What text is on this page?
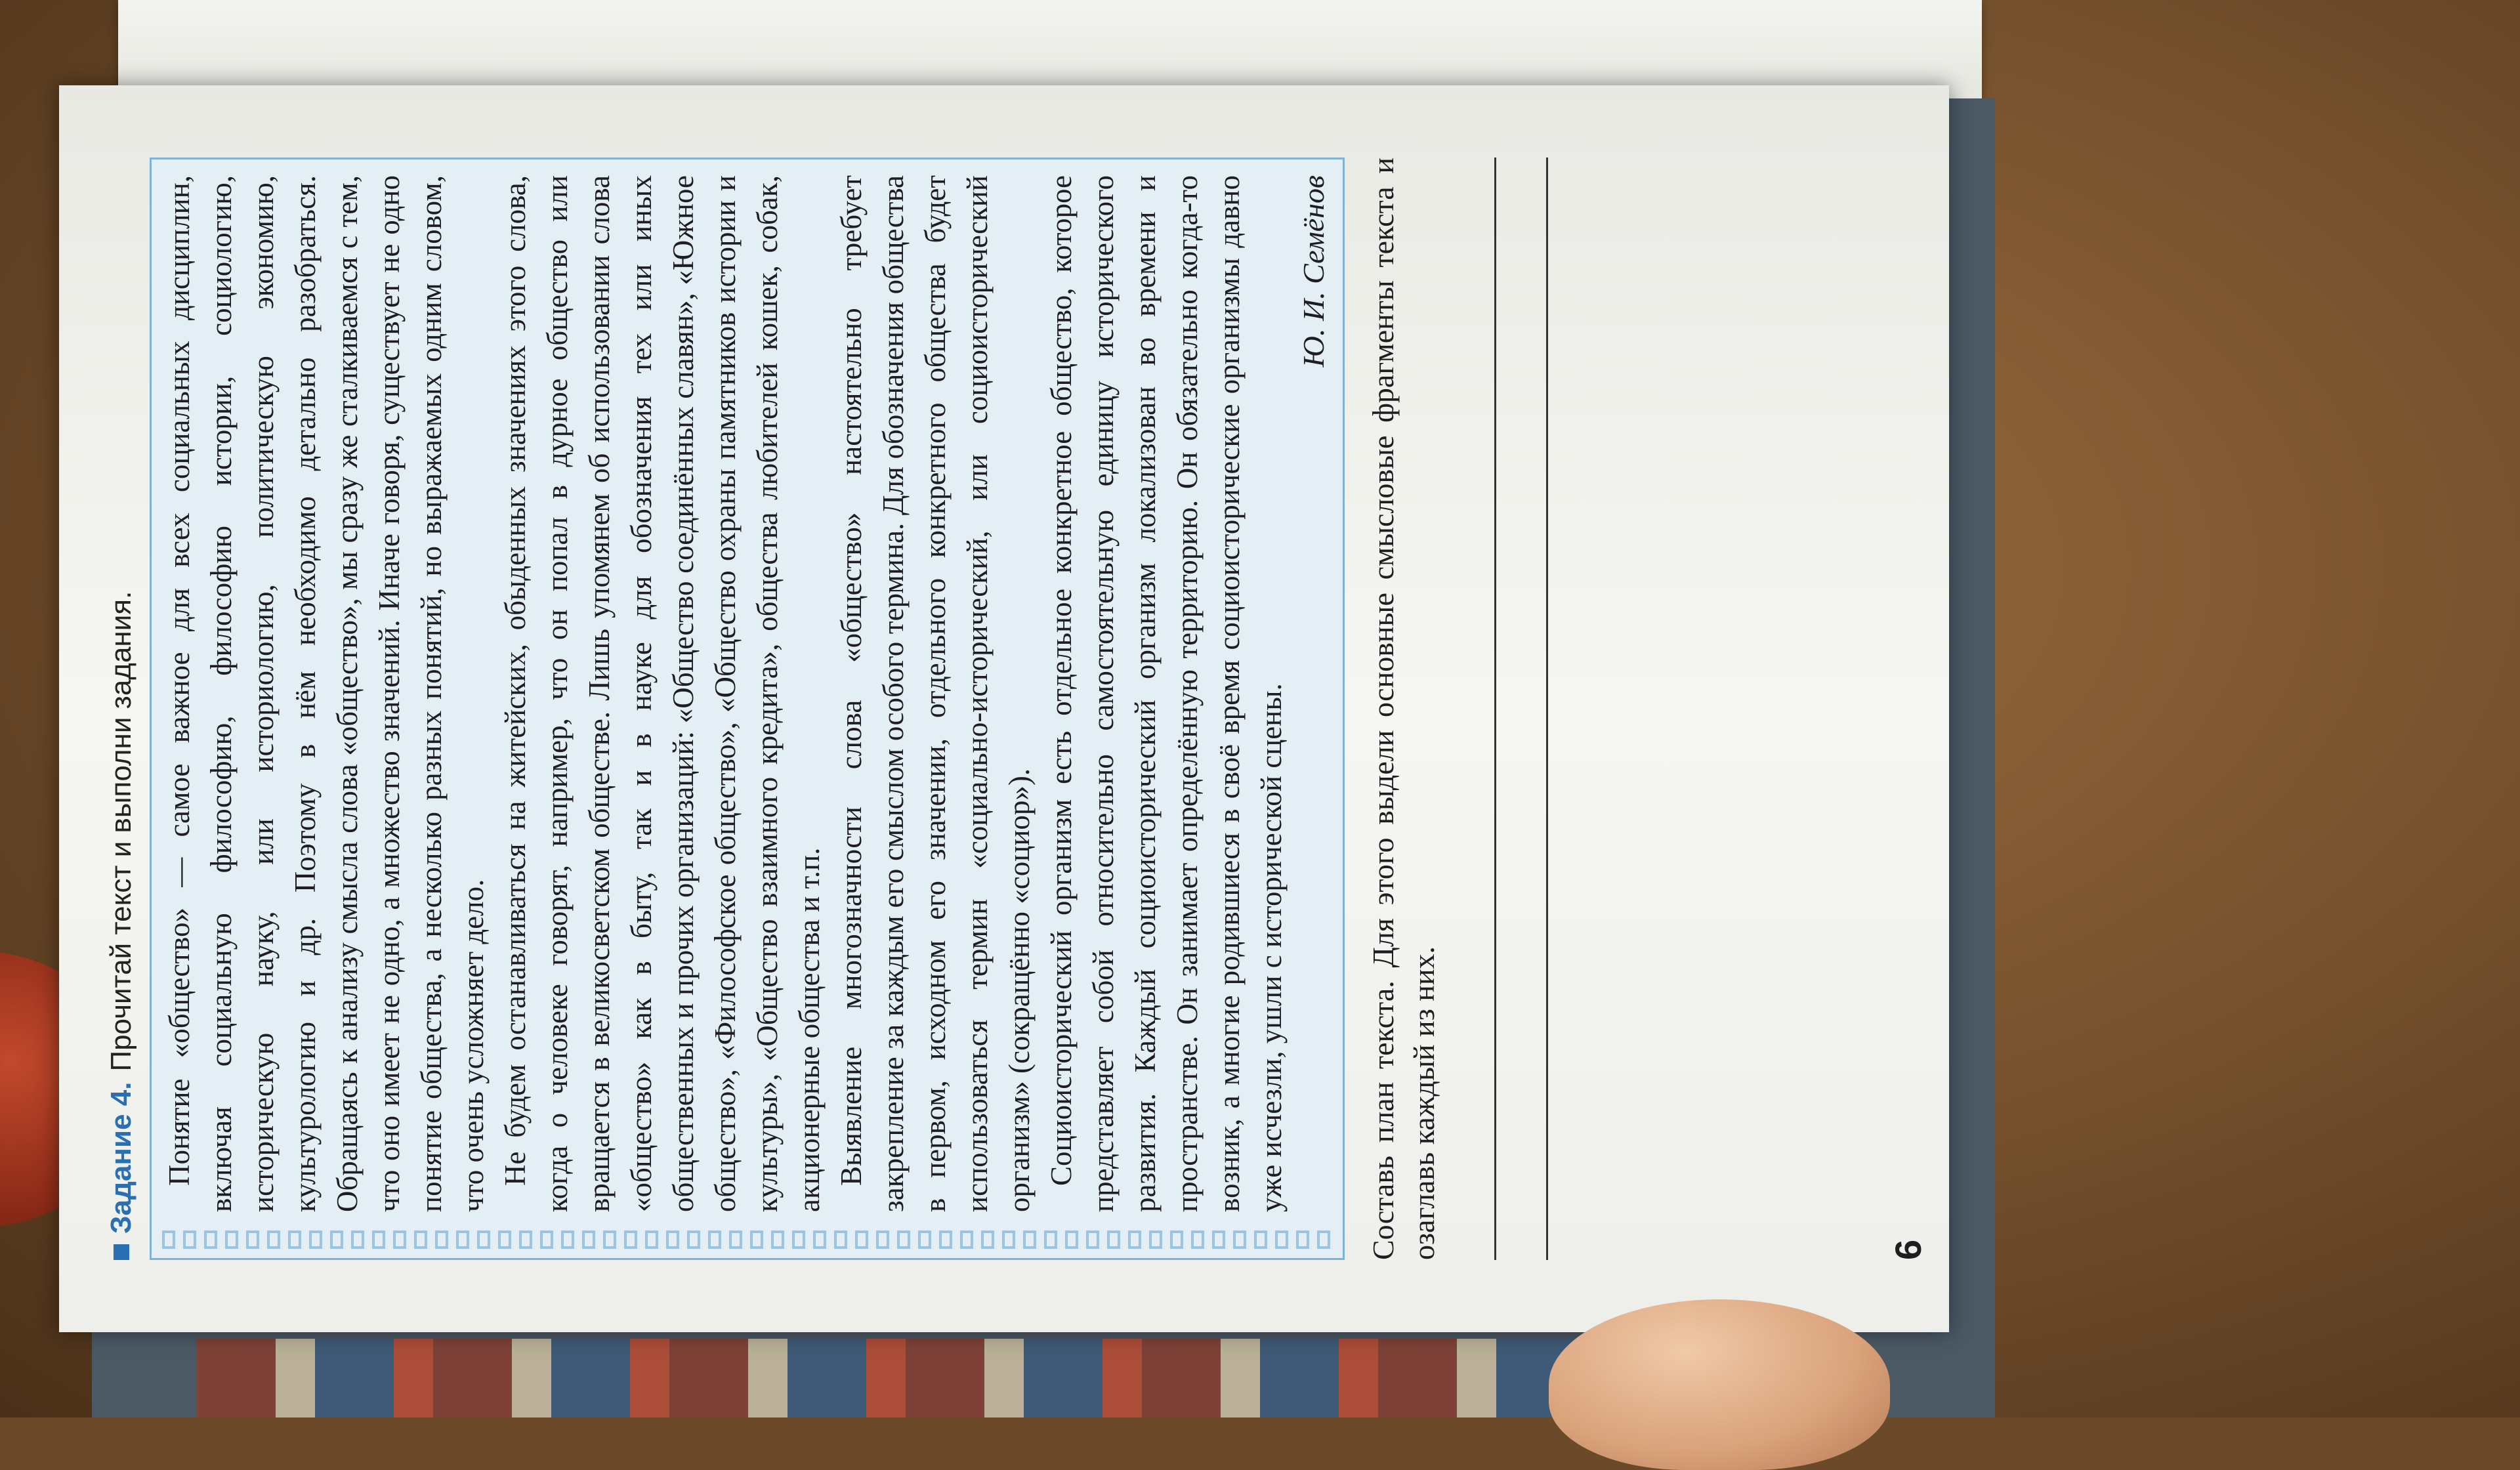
Задание 4.
Прочитай текст и выполни задания. Понятие «общество» — самое важное для всех социальных дисциплин, включая социальную философию, философию истории, социологию, историческую науку, или историологию, политическую экономию, культурологию и др. Поэтому в нём необходимо детально разобраться. Обращаясь к анализу смысла слова «общество», мы сразу же сталкиваемся с тем, что оно имеет не одно, а множество значений. Иначе говоря, существует не одно понятие общества, а несколько разных понятий, но выражаемых одним словом, что очень усложняет дело. Не будем останавливаться на житейских, обыденных значениях этого слова, когда о человеке говорят, например, что он попал в дурное общество или вращается в великосветском обществе. Лишь упомянем об использовании слова «общество» как в быту, так и в науке для обозначения тех или иных общественных и прочих организаций: «Общество соединённых славян», «Южное общество», «Философское общество», «Общество охраны памятников истории и культуры», «Общество взаимного кредита», общества любителей кошек, собак, акционерные общества и т.п. Выявление многозначности слова «общество» настоятельно требует закрепление за каждым его смыслом особого термина. Для обозначения общества в первом, исходном его значении, отдельного конкретного общества будет использоваться термин «социально-исторический, или социоисторический организм» (сокращённо «социор»). Социоисторический организм есть отдельное конкретное общество, которое представляет собой относительно самостоятельную единицу исторического развития. Каждый социоисторический организм локализован во времени и пространстве. Он занимает определённую территорию. Он обязательно когда-то возник, а многие родившиеся в своё время социоисторические организмы давно уже исчезли, ушли с исторической сцены.

Ю. И. Семёнов Составь план текста. Для этого выдели основные смысловые фрагменты текста и озаглавь каждый из них.	6
